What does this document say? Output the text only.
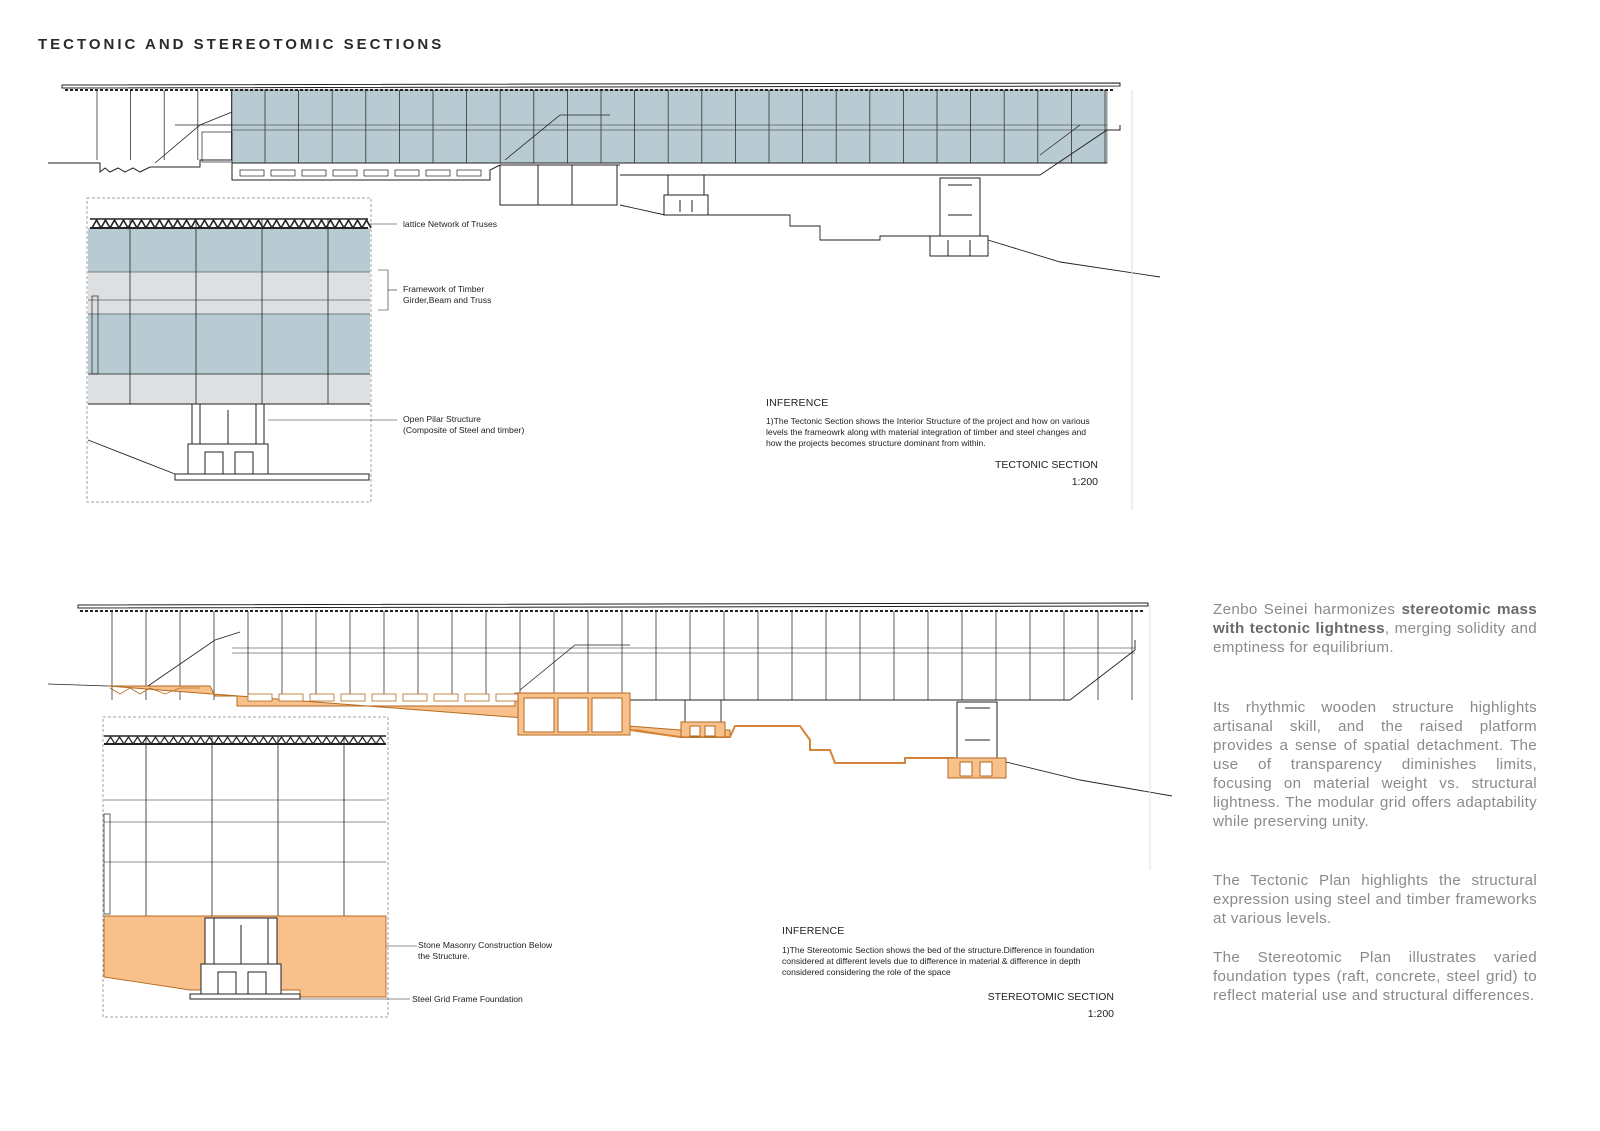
TECTONIC AND STEREOTOMIC SECTIONS
lattice Network of Truses
Framework of Timber
Girder,Beam and Truss
Open Pilar Structure
(Composite of Steel and timber)
INFERENCE
1)The Tectonic Section shows the Interior Structure of the project and how on various
levels the frameowrk along with material integration of timber and steel changes and
how the projects becomes structure dominant from within.
TECTONIC SECTION
1:200
Stone Masonry Construction Below
the Structure.
Steel Grid Frame Foundation
INFERENCE
1)The Stereotomic Section shows the bed of the structure.Difference in foundation
considered at different levels due to difference in material & difference in depth
considered considering the role of the space
STEREOTOMIC SECTION
1:200
Zenbo Seinei harmonizes stereotomic mass with tectonic lightness, merging solidity and emptiness for equilibrium.
Its rhythmic wooden structure highlights artisanal skill, and the raised platform provides a sense of spatial detachment. The use of transparency diminishes limits, focusing on material weight vs. structural lightness. The modular grid offers adaptability while preserving unity.
The Tectonic Plan highlights the structural expression using steel and timber frameworks at various levels.
The Stereotomic Plan illustrates varied foundation types (raft, concrete, steel grid) to reflect material use and structural differences.
